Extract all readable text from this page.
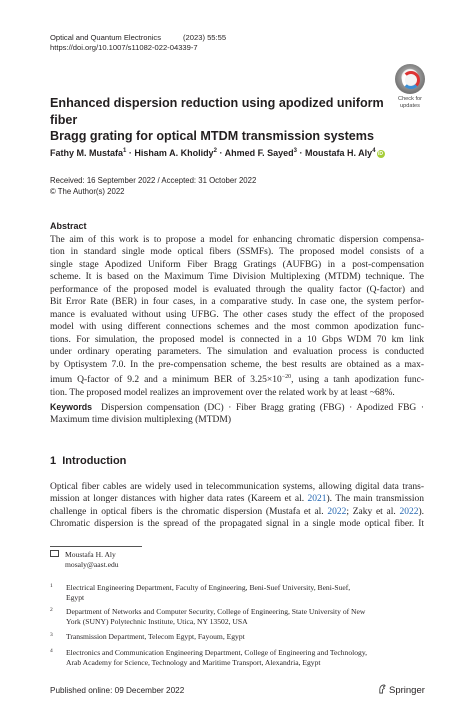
Optical and Quantum Electronics	(2023) 55:55
https://doi.org/10.1007/s11082-022-04339-7
Check for
updates
Enhanced dispersion reduction using apodized uniform fiber
Bragg grating for optical MTDM transmission systems
Fathy M. Mustafa$^1$ · Hisham A. Kholidy$^2$ · Ahmed F. Sayed$^3$ · Moustafa H. Aly$^4$ iD
Received: 16 September 2022 / Accepted: 31 October 2022
© The Author(s) 2022
Abstract
The aim of this work is to propose a model for enhancing chromatic dispersion compensa-
tion in standard single mode optical fibers (SSMFs). The proposed model consists of a
single stage Apodized Uniform Fiber Bragg Gratings (AUFBG) in a post-compensation
scheme. It is based on the Maximum Time Division Multiplexing (MTDM) technique. The
performance of the proposed model is evaluated through the quality factor (Q-factor) and
Bit Error Rate (BER) in four cases, in a comparative study. In case one, the system perfor-
mance is evaluated without using UFBG. The other cases study the effect of the proposed
model with using different connections schemes and the most common apodization func-
tions. For simulation, the proposed model is connected in a 10 Gbps WDM 70 km link
under ordinary operating parameters. The simulation and evaluation process is conducted
by Optisystem 7.0. In the pre-compensation scheme, the best results are obtained as a max-
imum Q-factor of 9.2 and a minimum BER of $3.25\times 10^{-20}$, using a tanh apodization func-
tion. The proposed model realizes an improvement over the related work by at least ~68%.
Keywords Dispersion compensation (DC) · Fiber Bragg grating (FBG) · Apodized FBG ·
Maximum time division multiplexing (MTDM)
1 Introduction
Optical fiber cables are widely used in telecommunication systems, allowing digital data trans-
mission at longer distances with higher data rates (Kareem et al. 2021). The main transmission
challenge in optical fibers is the chromatic dispersion (Mustafa et al. 2022; Zaky et al. 2022).
Chromatic dispersion is the spread of the propagated signal in a single mode optical fiber. It
Moustafa H. Aly
mosaly@aast.edu
1 Electrical Engineering Department, Faculty of Engineering, Beni-Suef University, Beni-Suef,
Egypt
2 Department of Networks and Computer Security, College of Engineering, State University of New
York (SUNY) Polytechnic Institute, Utica, NY 13502, USA
3 Transmission Department, Telecom Egypt, Fayoum, Egypt
4 Electronics and Communication Engineering Department, College of Engineering and Technology,
Arab Academy for Science, Technology and Maritime Transport, Alexandria, Egypt
Published online: 09 December 2022	Springer
